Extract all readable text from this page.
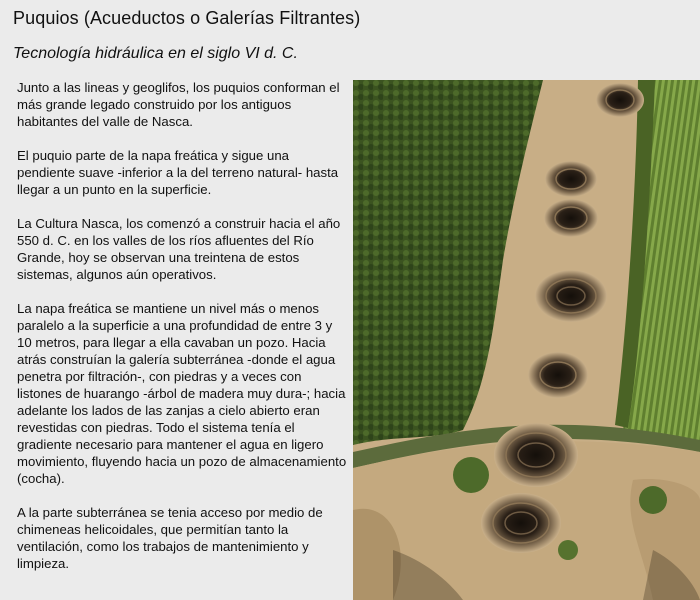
Puquios (Acueductos o Galerías Filtrantes)
Tecnología hidráulica en el siglo VI d. C.

Junto a las lineas y geoglifos, los puquios conforman el más grande legado construido por los antiguos habitantes del valle de Nasca.

El puquio parte de la napa freática y sigue una pendiente suave -inferior a la del terreno natural- hasta llegar a un punto en la superficie.

La Cultura Nasca, los comenzó a construir hacia el año 550 d. C. en los valles de los ríos afluentes del Río Grande, hoy se observan una treintena de estos sistemas, algunos aún operativos.

La napa freática se mantiene un nivel más o menos paralelo a la superficie a una profundidad de entre 3 y 10 metros, para llegar a ella cavaban un pozo. Hacia atrás construían la galería subterránea -donde el agua penetra por filtración-, con piedras y a veces con listones de huarango -árbol de madera muy dura-; hacia adelante los lados de las zanjas a cielo abierto eran revestidas con piedras. Todo el sistema tenía el gradiente necesario para mantener el agua en ligero movimiento, fluyendo hacia un pozo de almacenamiento (cocha).

A la parte subterránea se tenia acceso por medio de chimeneas helicoidales, que permitían tanto la ventilación, como los trabajos de mantenimiento y limpieza.
